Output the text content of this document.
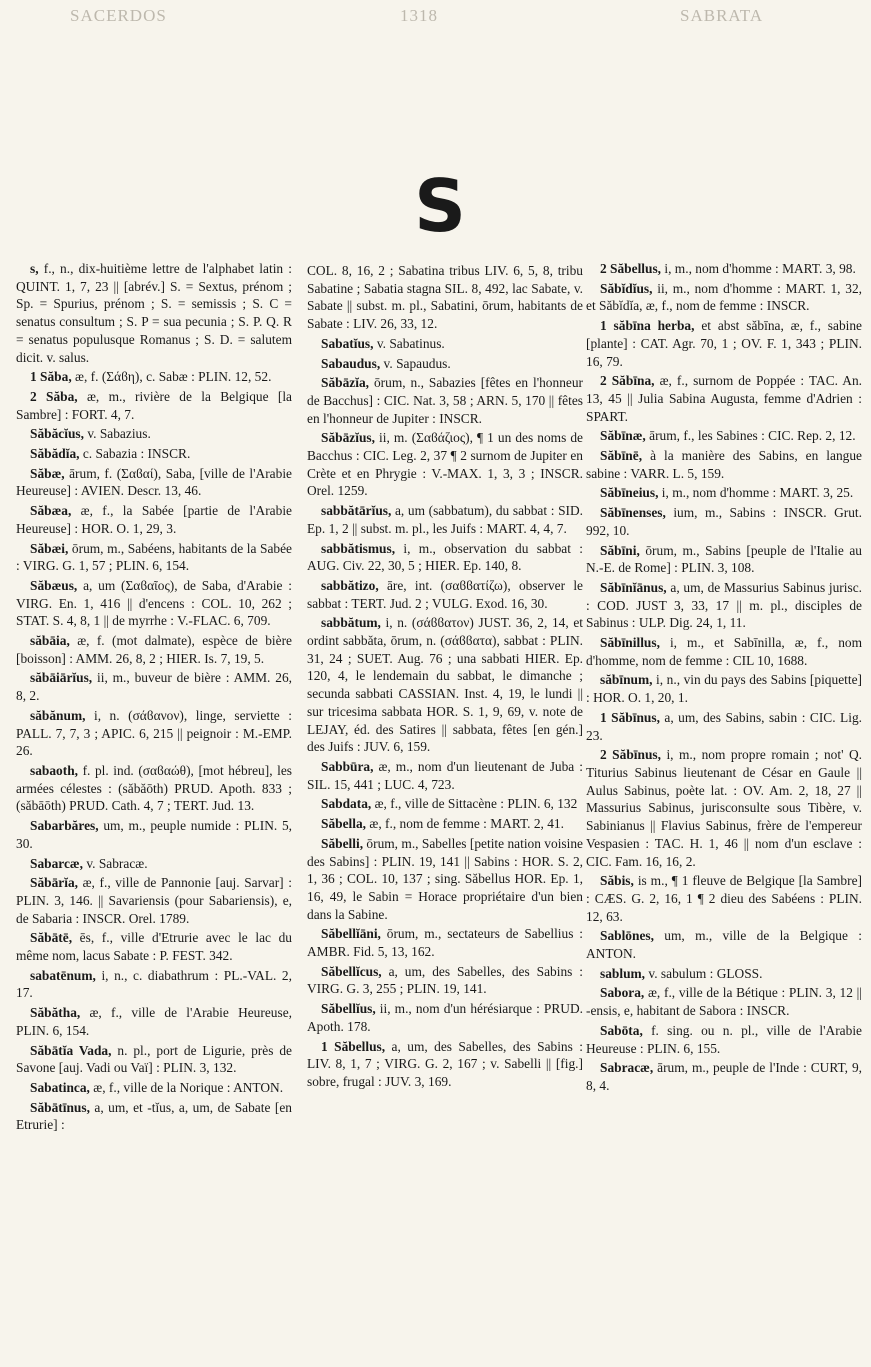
SACERDOS	1318	SABRATA
S

s, f., n., dix-huitième lettre de l'alphabet latin : QUINT. 1, 7, 23 || [abrév.] S. = Sextus, prénom ; Sp. = Spurius, prénom ; S. = semissis ; S. C = senatus consultum ; S. P = sua pecunia ; S. P. Q. R = senatus populusque Romanus ; S. D. = salutem dicit. v. salus.

1 Săba, æ, f. (Σάϐη), c. Sabæ : PLIN. 12, 52.

2 Săba, æ, m., rivière de la Belgique [la Sambre] : FORT. 4, 7.

Săbăcĭus, v. Sabazius.

Săbădĭa, c. Sabazia : INSCR.

Săbæ, ārum, f. (Σαϐαί), Saba, [ville de l'Arabie Heureuse] : AVIEN. Descr. 13, 46.

Săbæa, æ, f., la Sabée [partie de l'Arabie Heureuse] : HOR. O. 1, 29, 3.

Săbæi, ōrum, m., Sabéens, habitants de la Sabée : VIRG. G. 1, 57 ; PLIN. 6, 154.

Săbæus, a, um (Σαϐαῖος), de Saba, d'Arabie : VIRG. En. 1, 416 || d'encens : COL. 10, 262 ; STAT. S. 4, 8, 1 || de myrrhe : V.-FLAC. 6, 709.

săbāia, æ, f. (mot dalmate), espèce de bière [boisson] : AMM. 26, 8, 2 ; HIER. Is. 7, 19, 5.

săbāiārĭus, ii, m., buveur de bière : AMM. 26, 8, 2.

săbănum, i, n. (σάϐανον), linge, serviette : PALL. 7, 7, 3 ; APIC. 6, 215 || peignoir : M.-EMP. 26.

sabaoth, f. pl. ind. (σαϐαώθ), [mot hébreu], les armées célestes : (săbăōth) PRUD. Apoth. 833 ; (săbāōth) PRUD. Cath. 4, 7 ; TERT. Jud. 13.

Sabarbăres, um, m., peuple numide : PLIN. 5, 30.

Sabarcæ, v. Sabracæ.

Săbārĭa, æ, f., ville de Pannonie [auj. Sarvar] : PLIN. 3, 146. || Savariensis (pour Sabariensis), e, de Sabaria : INSCR. Orel. 1789.

Săbātē, ēs, f., ville d'Etrurie avec le lac du même nom, lacus Sabate : P. FEST. 342.

sabatēnum, i, n., c. diabathrum : PL.-VAL. 2, 17.

Săbătha, æ, f., ville de l'Arabie Heureuse, PLIN. 6, 154.

Săbātĭa Vada, n. pl., port de Ligurie, près de Savone [auj. Vadi ou Vaï] : PLIN. 3, 132.

Sabatinca, æ, f., ville de la Norique : ANTON.

Săbātīnus, a, um, et -tĭus, a, um, de Sabate [en Etrurie] :

COL. 8, 16, 2 ; Sabatina tribus LIV. 6, 5, 8, tribu Sabatine ; Sabatia stagna SIL. 8, 492, lac Sabate, v. Sabate || subst. m. pl., Sabatini, ōrum, habitants de Sabate : LIV. 26, 33, 12.

Sabatĭus, v. Sabatinus.

Sabaudus, v. Sapaudus.

Săbāzĭa, ōrum, n., Sabazies [fêtes en l'honneur de Bacchus] : CIC. Nat. 3, 58 ; ARN. 5, 170 || fêtes en l'honneur de Jupiter : INSCR.

Săbāzĭus, ii, m. (Σαϐάζιος), ¶ 1 un des noms de Bacchus : CIC. Leg. 2, 37 ¶ 2 surnom de Jupiter en Crète et en Phrygie : V.-MAX. 1, 3, 3 ; INSCR. Orel. 1259.

sabbătārĭus, a, um (sabbatum), du sabbat : SID. Ep. 1, 2 || subst. m. pl., les Juifs : MART. 4, 4, 7.

sabbătismus, i, m., observation du sabbat : AUG. Civ. 22, 30, 5 ; HIER. Ep. 140, 8.

sabbătizo, āre, int. (σαϐϐατίζω), observer le sabbat : TERT. Jud. 2 ; VULG. Exod. 16, 30.

sabbătum, i, n. (σάϐϐατον) JUST. 36, 2, 14, et ordint sabbăta, ōrum, n. (σάϐϐατα), sabbat : PLIN. 31, 24 ; SUET. Aug. 76 ; una sabbati HIER. Ep. 120, 4, le lendemain du sabbat, le dimanche ; secunda sabbati CASSIAN. Inst. 4, 19, le lundi || sur tricesima sabbata HOR. S. 1, 9, 69, v. note de LEJAY, éd. des Satires || sabbata, fêtes [en gén.] des Juifs : JUV. 6, 159.

Sabbūra, æ, m., nom d'un lieutenant de Juba : SIL. 15, 441 ; LUC. 4, 723.

Sabdata, æ, f., ville de Sittacène : PLIN. 6, 132

Săbella, æ, f., nom de femme : MART. 2, 41.

Săbelli, ōrum, m., Sabelles [petite nation voisine des Sabins] : PLIN. 19, 141 || Sabins : HOR. S. 2, 1, 36 ; COL. 10, 137 ; sing. Săbellus HOR. Ep. 1, 16, 49, le Sabin = Horace propriétaire d'un bien dans la Sabine.

Săbellĭāni, ōrum, m., sectateurs de Sabellius : AMBR. Fid. 5, 13, 162.

Săbellĭcus, a, um, des Sabelles, des Sabins : VIRG. G. 3, 255 ; PLIN. 19, 141.

Săbellĭus, ii, m., nom d'un hérésiarque : PRUD. Apoth. 178.

1 Săbellus, a, um, des Sabelles, des Sabins : LIV. 8, 1, 7 ; VIRG. G. 2, 167 ; v. Sabelli || [fig.] sobre, frugal : JUV. 3, 169.

2 Săbellus, i, m., nom d'homme : MART. 3, 98.

Săbĭdĭus, ii, m., nom d'homme : MART. 1, 32, et Săbĭdĭa, æ, f., nom de femme : INSCR.

1 săbīna herba, et abst săbīna, æ, f., sabine [plante] : CAT. Agr. 70, 1 ; OV. F. 1, 343 ; PLIN. 16, 79.

2 Săbīna, æ, f., surnom de Poppée : TAC. An. 13, 45 || Julia Sabina Augusta, femme d'Adrien : SPART.

Săbīnæ, ārum, f., les Sabines : CIC. Rep. 2, 12.

Săbīnē, à la manière des Sabins, en langue sabine : VARR. L. 5, 159.

Săbīneius, i, m., nom d'homme : MART. 3, 25.

Săbīnenses, ium, m., Sabins : INSCR. Grut. 992, 10.

Săbīni, ōrum, m., Sabins [peuple de l'Italie au N.-E. de Rome] : PLIN. 3, 108.

Săbīnĭānus, a, um, de Massurius Sabinus jurisc. : COD. JUST 3, 33, 17 || m. pl., disciples de Sabinus : ULP. Dig. 24, 1, 11.

Săbīnillus, i, m., et Sabīnilla, æ, f., nom d'homme, nom de femme : CIL 10, 1688.

săbīnum, i, n., vin du pays des Sabins [piquette] : HOR. O. 1, 20, 1.

1 Săbīnus, a, um, des Sabins, sabin : CIC. Lig. 23.

2 Săbīnus, i, m., nom propre romain ; not' Q. Titurius Sabinus lieutenant de César en Gaule || Aulus Sabinus, poète lat. : OV. Am. 2, 18, 27 || Massurius Sabinus, jurisconsulte sous Tibère, v. Sabinianus || Flavius Sabinus, frère de l'empereur Vespasien : TAC. H. 1, 46 || nom d'un esclave : CIC. Fam. 16, 16, 2.

Săbis, is m., ¶ 1 fleuve de Belgique [la Sambre] : CÆS. G. 2, 16, 1 ¶ 2 dieu des Sabéens : PLIN. 12, 63.

Sablōnes, um, m., ville de la Belgique : ANTON.

sablum, v. sabulum : GLOSS.

Sabora, æ, f., ville de la Bétique : PLIN. 3, 12 || -ensis, e, habitant de Sabora : INSCR.

Sabōta, f. sing. ou n. pl., ville de l'Arabie Heureuse : PLIN. 6, 155.

Sabracæ, ārum, m., peuple de l'Inde : CURT, 9, 8, 4.
